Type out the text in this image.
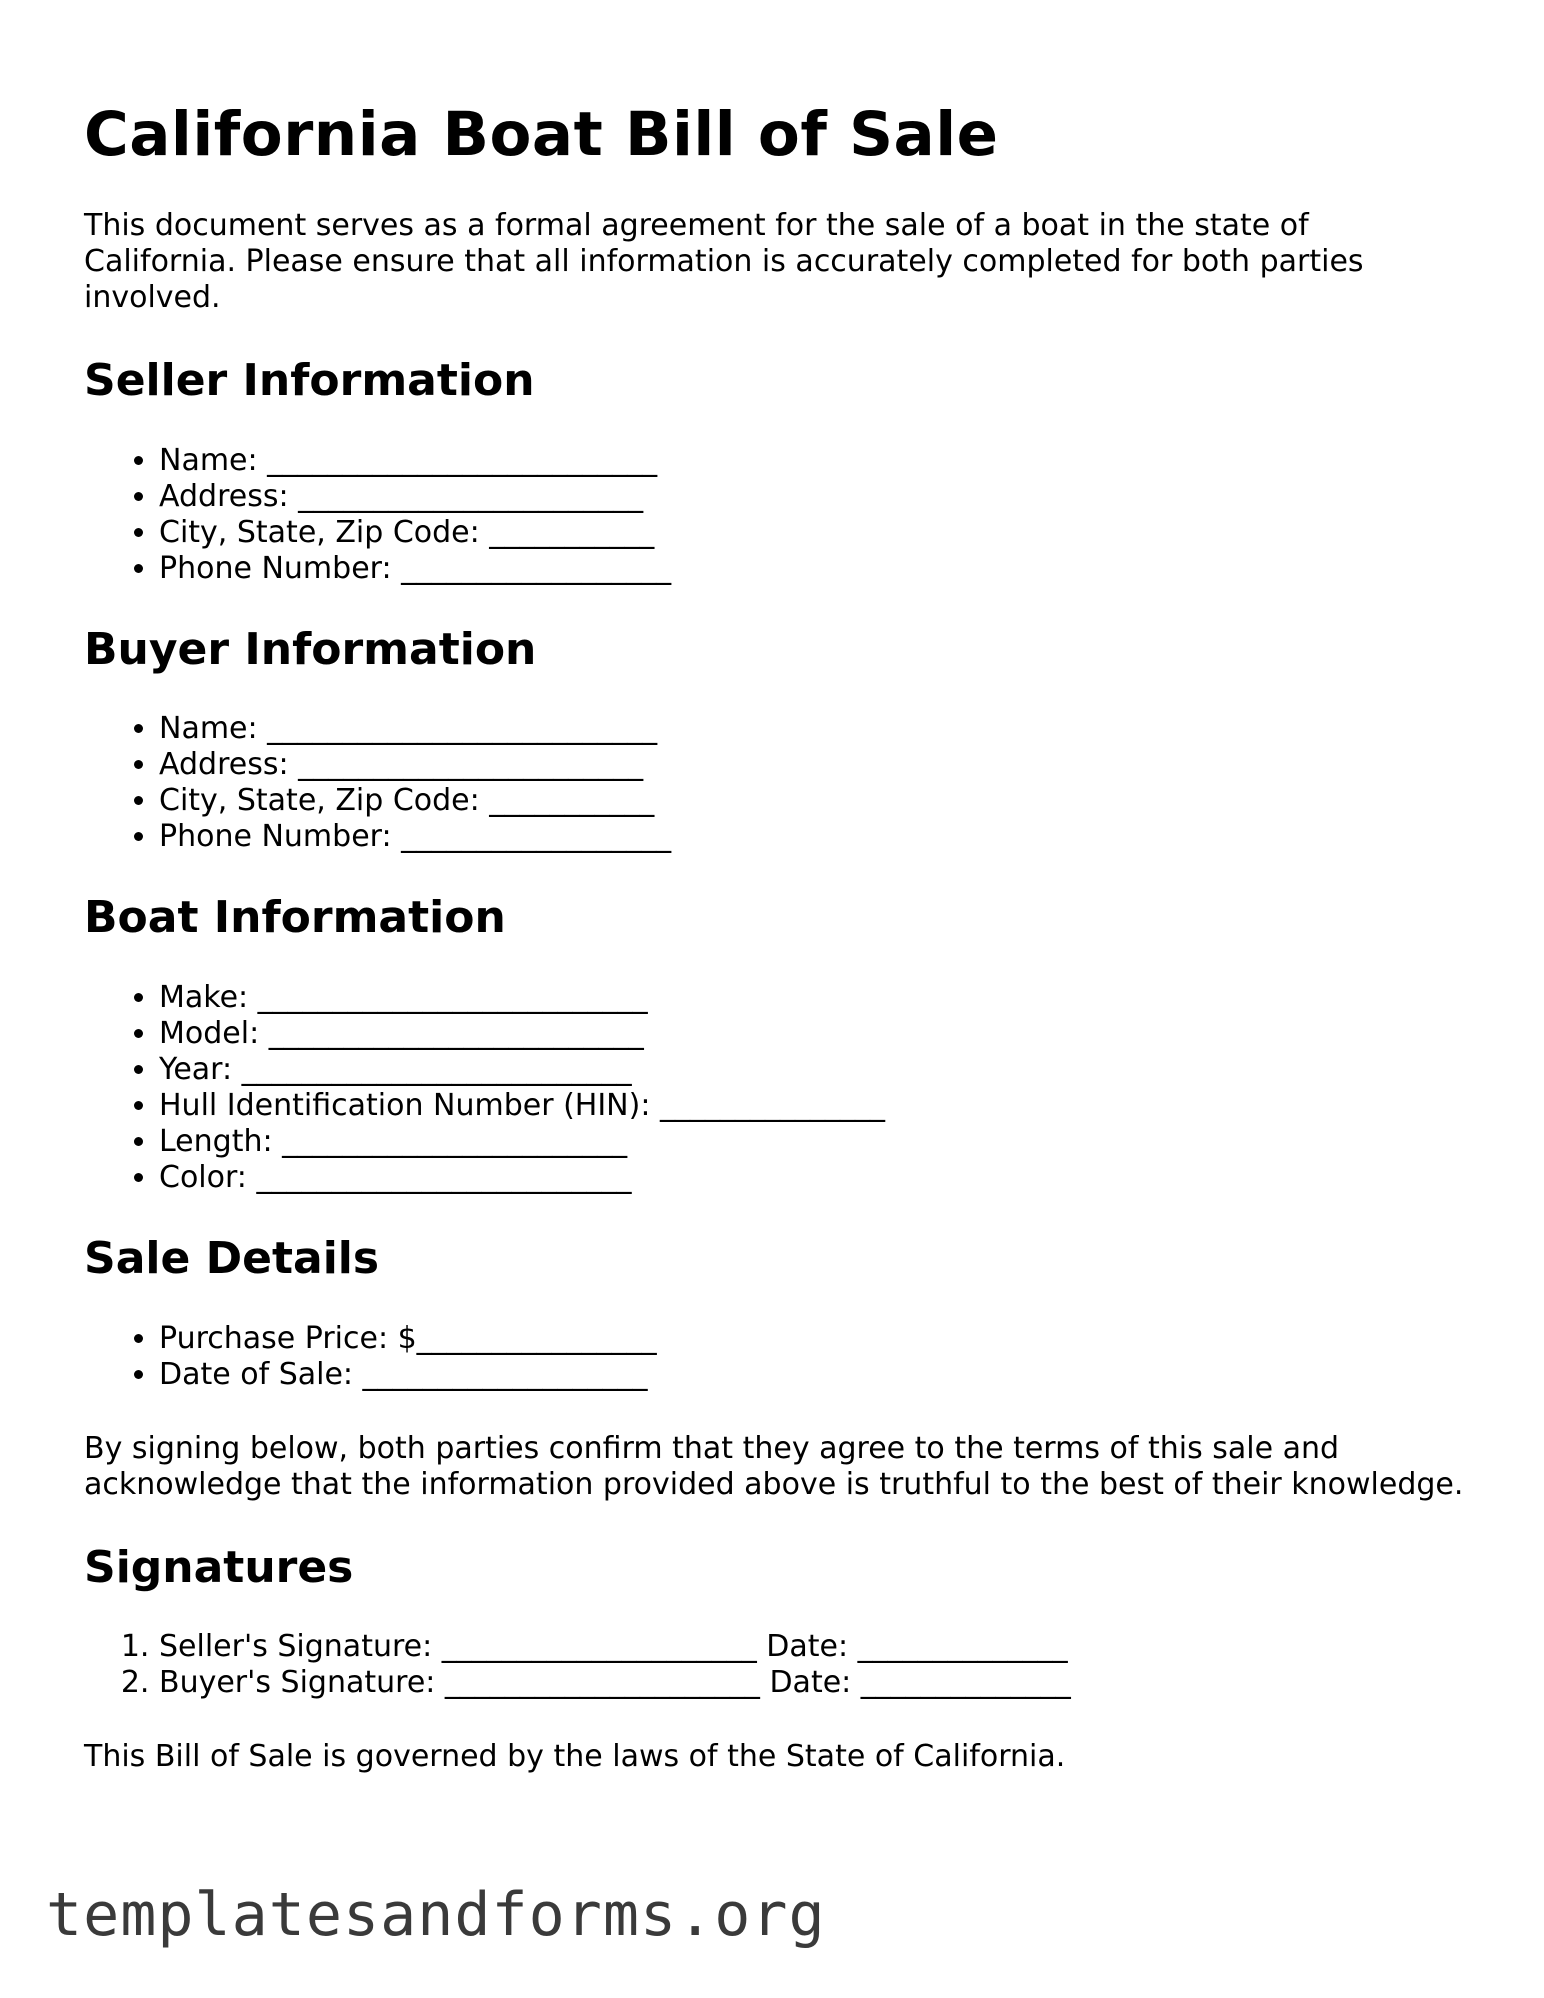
California Boat Bill of Sale

This document serves as a formal agreement for the sale of a boat in the state of California. Please ensure that all information is accurately completed for both parties involved.

Seller Information
• Name: __________________________
• Address: _______________________
• City, State, Zip Code: ___________
• Phone Number: __________________
Buyer Information
• Name: __________________________
• Address: _______________________
• City, State, Zip Code: ___________
• Phone Number: __________________
Boat Information
• Make: __________________________
• Model: _________________________
• Year: __________________________
• Hull Identification Number (HIN): _______________
• Length: _______________________
• Color: _________________________
Sale Details
• Purchase Price: $________________
• Date of Sale: ___________________

By signing below, both parties confirm that they agree to the terms of this sale and acknowledge that the information provided above is truthful to the best of their knowledge.

Signatures
1. Seller's Signature: _____________________ Date: ______________
2. Buyer's Signature: _____________________ Date: ______________

This Bill of Sale is governed by the laws of the State of California.

templatesandforms.org
